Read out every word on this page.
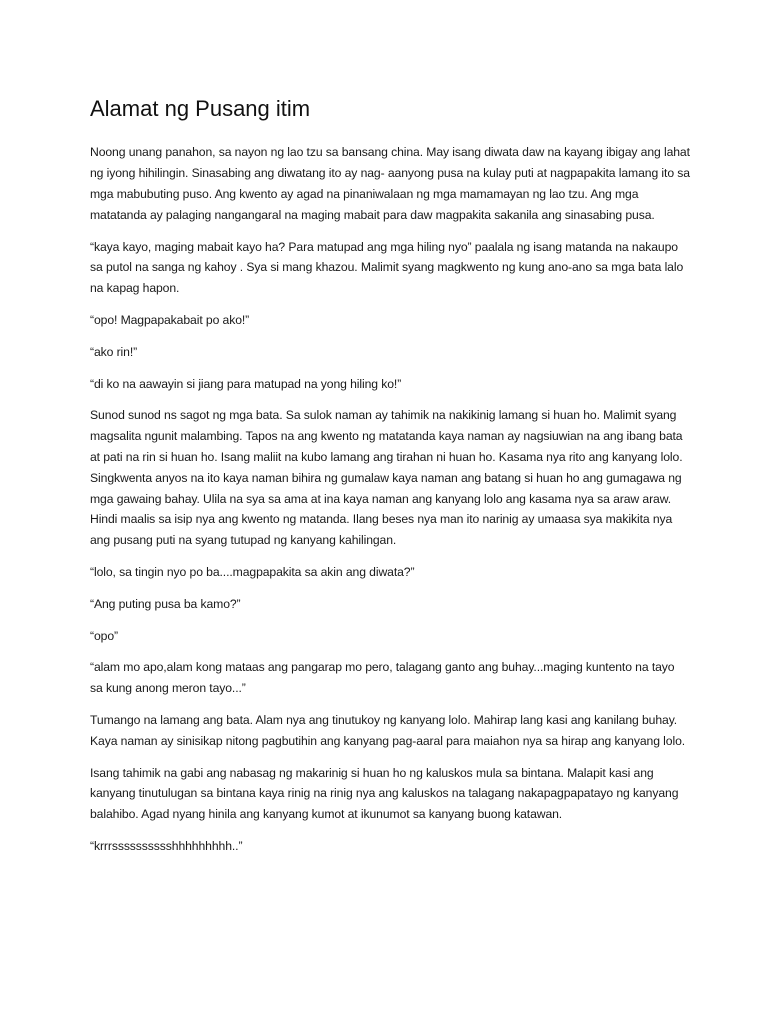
Alamat ng Pusang itim

Noong unang panahon, sa nayon ng lao tzu sa bansang china. May isang diwata daw na kayang ibigay ang lahat ng iyong hihilingin. Sinasabing ang diwatang ito ay nag- aanyong pusa na kulay puti at nagpapakita lamang ito sa mga mabubuting puso. Ang kwento ay agad na pinaniwalaan ng mga mamamayan ng lao tzu. Ang mga matatanda ay palaging nangangaral na maging mabait para daw magpakita sakanila ang sinasabing pusa.

“kaya kayo, maging mabait kayo ha? Para matupad ang mga hiling nyo” paalala ng isang matanda na nakaupo sa putol na sanga ng kahoy . Sya si mang khazou. Malimit syang magkwento ng kung ano-ano sa mga bata lalo na kapag hapon.

“opo! Magpapakabait po ako!”

“ako rin!”

“di ko na aawayin si jiang para matupad na yong hiling ko!”

Sunod sunod ns sagot ng mga bata. Sa sulok naman ay tahimik na nakikinig lamang si huan ho. Malimit syang magsalita ngunit malambing. Tapos na ang kwento ng matatanda kaya naman ay nagsiuwian na ang ibang bata at pati na rin si huan ho. Isang maliit na kubo lamang ang tirahan ni huan ho. Kasama nya rito ang kanyang lolo. Singkwenta anyos na ito kaya naman bihira ng gumalaw kaya naman ang batang si huan ho ang gumagawa ng mga gawaing bahay. Ulila na sya sa ama at ina kaya naman ang kanyang lolo ang kasama nya sa araw araw. Hindi maalis sa isip nya ang kwento ng matanda. Ilang beses nya man ito narinig ay umaasa sya makikita nya ang pusang puti na syang tutupad ng kanyang kahilingan.

“lolo, sa tingin nyo po ba....magpapakita sa akin ang diwata?”

“Ang puting pusa ba kamo?”

“opo”

“alam mo apo,alam kong mataas ang pangarap mo pero, talagang ganto ang buhay...maging kuntento na tayo sa kung anong meron tayo...”

Tumango na lamang ang bata. Alam nya ang tinutukoy ng kanyang lolo. Mahirap lang kasi ang kanilang buhay. Kaya naman ay sinisikap nitong pagbutihin ang kanyang pag-aaral para maiahon nya sa hirap ang kanyang lolo.

Isang tahimik na gabi ang nabasag ng makarinig si huan ho ng kaluskos mula sa bintana. Malapit kasi ang kanyang tinutulugan sa bintana kaya rinig na rinig nya ang kaluskos na talagang nakapagpapatayo ng kanyang balahibo. Agad nyang hinila ang kanyang kumot at ikunumot sa kanyang buong katawan.

“krrrsssssssssshhhhhhhhh..”
